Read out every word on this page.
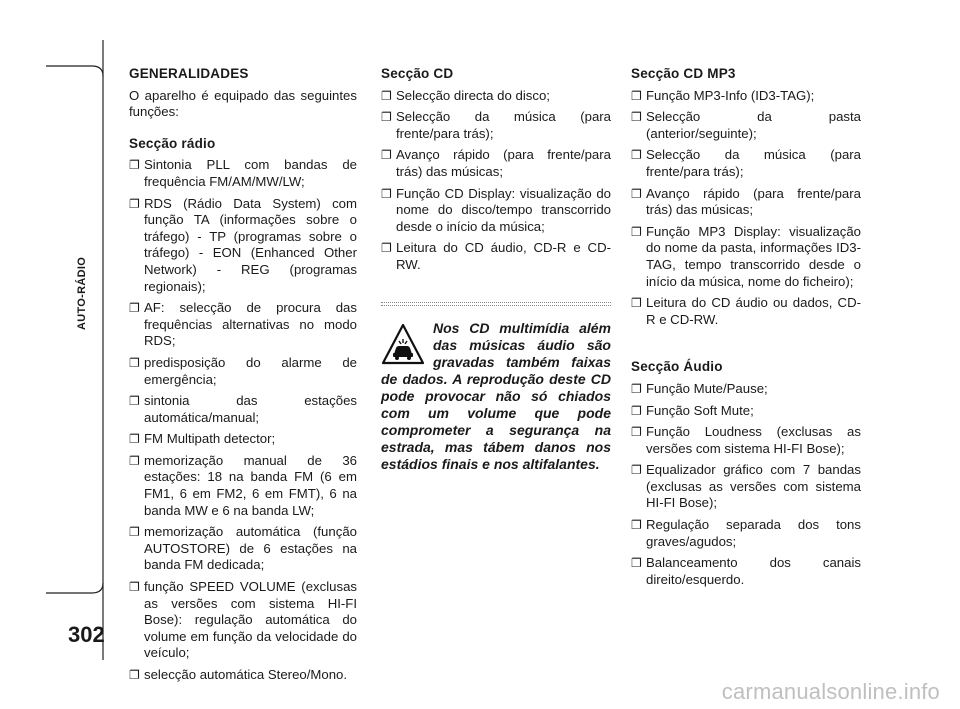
AUTO-RÁDIO
302
GENERALIDADES
O aparelho é equipado das seguintes funções:
Secção rádio
❐ Sintonia PLL com bandas de frequência FM/AM/MW/LW;
❐ RDS (Rádio Data System) com função TA (informações sobre o tráfego) - TP (programas sobre o tráfego) - EON (Enhanced Other Network) - REG (programas regionais);
❐ AF: selecção de procura das frequências alternativas no modo RDS;
❐ predisposição do alarme de emergência;
❐ sintonia das estações automática/manual;
❐ FM Multipath detector;
❐ memorização manual de 36 estações: 18 na banda FM (6 em FM1, 6 em FM2, 6 em FMT), 6 na banda MW e 6 na banda LW;
❐ memorização automática (função AUTOSTORE) de 6 estações na banda FM dedicada;
❐ função SPEED VOLUME (exclusas as versões com sistema HI-FI Bose): regulação automática do volume em função da velocidade do veículo;
❐ selecção automática Stereo/Mono.
Secção CD
❐ Selecção directa do disco;
❐ Selecção da música (para frente/para trás);
❐ Avanço rápido (para frente/para trás) das músicas;
❐ Função CD Display: visualização do nome do disco/tempo transcorrido desde o início da música;
❐ Leitura do CD áudio, CD-R e CD-RW.
Nos CD multimídia além das músicas áudio são gravadas também faixas de dados. A reprodução deste CD pode provocar não só chiados com um volume que pode comprometer a segurança na estrada, mas tábem danos nos estádios finais e nos altifalantes.
Secção CD MP3
❐ Função MP3-Info (ID3-TAG);
❐ Selecção da pasta (anterior/seguinte);
❐ Selecção da música (para frente/para trás);
❐ Avanço rápido (para frente/para trás) das músicas;
❐ Função MP3 Display: visualização do nome da pasta, informações ID3-TAG, tempo transcorrido desde o início da música, nome do ficheiro);
❐ Leitura do CD áudio ou dados, CD-R e CD-RW.
Secção Áudio
❐ Função Mute/Pause;
❐ Função Soft Mute;
❐ Função Loudness (exclusas as versões com sistema HI-FI Bose);
❐ Equalizador gráfico com 7 bandas (exclusas as versões com sistema HI-FI Bose);
❐ Regulação separada dos tons graves/agudos;
❐ Balanceamento dos canais direito/esquerdo.
carmanualsonline.info
